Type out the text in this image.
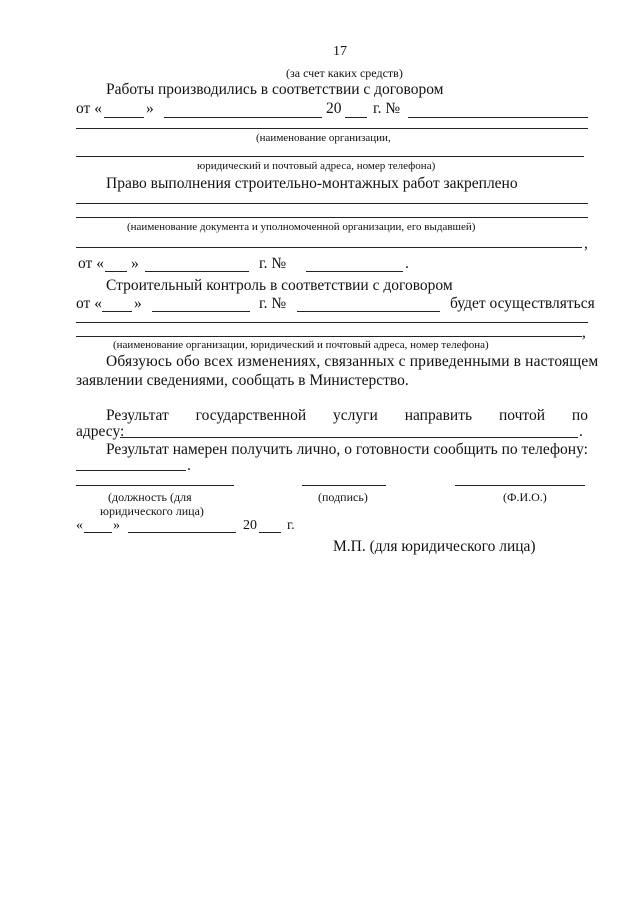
17
(за счет каких средств)
Работы производились в соответствии с договором
от «	»	20 г. №
(наименование организации,
юридический и почтовый адреса, номер телефона)
Право выполнения строительно-монтажных работ закреплено
(наименование документа и уполномоченной организации, его выдавшей)
,
от « »	г. №	.
Строительный контроль в соответствии с договором
от « »	г. №	будет осуществляться
,
(наименование организации, юридический и почтовый адреса, номер телефона)
Обязуюсь обо всех изменениях, связанных с приведенными в настоящем
заявлении сведениями, сообщать в Министерство.
Результат государственной услуги направить почтой по
адресу:	.
Результат намерен получить лично, о готовности сообщить по телефону:
.
(должность (для
юридического лица)
(подпись)	(Ф.И.О.)
« »	20 г.
М.П. (для юридического лица)
